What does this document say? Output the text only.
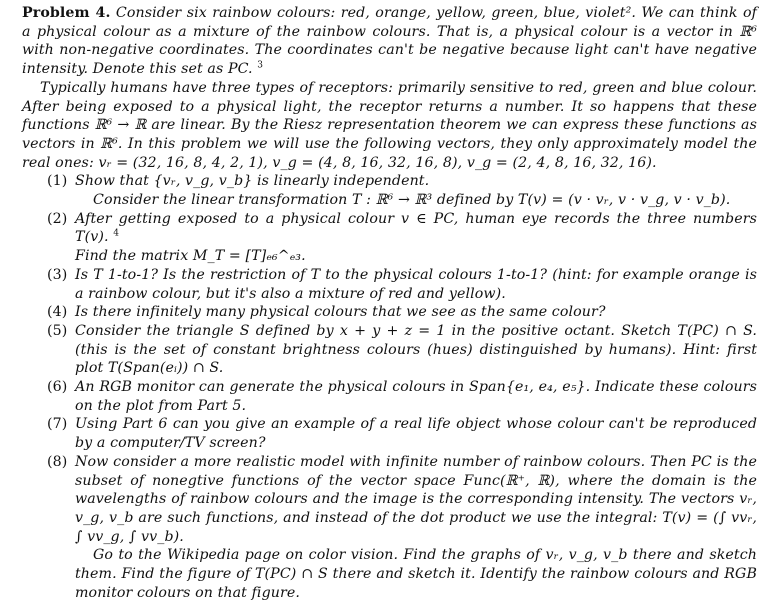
Problem 4. Consider six rainbow colours: red, orange, yellow, green, blue, violet². We can think of a physical colour as a mixture of the rainbow colours. That is, a physical colour is a vector in ℝ⁶ with non-negative coordinates. The coordinates can't be negative because light can't have negative intensity. Denote this set as PC. $^3$

Typically humans have three types of receptors: primarily sensitive to red, green and blue colour. After being exposed to a physical light, the receptor returns a number. It so happens that these functions ℝ⁶ → ℝ are linear. By the Riesz representation theorem we can express these functions as vectors in ℝ⁶. In this problem we will use the following vectors, they only approximately model the real ones: vᵣ = (32, 16, 8, 4, 2, 1), v_g = (4, 8, 16, 32, 16, 8), v_g = (2, 4, 8, 16, 32, 16).

(1) Show that {vᵣ, v_g, v_b} is linearly independent.
Consider the linear transformation T : ℝ⁶ → ℝ³ defined by T(v) = (v · vᵣ, v · v_g, v · v_b).
(2) After getting exposed to a physical colour v ∈ PC, human eye records the three numbers T(v). $^4$
Find the matrix M_T = [T]ₑ₆^ₑ₃.
(3) Is T 1-to-1? Is the restriction of T to the physical colours 1-to-1? (hint: for example orange is a rainbow colour, but it's also a mixture of red and yellow).
(4) Is there infinitely many physical colours that we see as the same colour?
(5) Consider the triangle S defined by x + y + z = 1 in the positive octant. Sketch T(PC) ∩ S. (this is the set of constant brightness colours (hues) distinguished by humans). Hint: first plot T(Span(eᵢ)) ∩ S.
(6) An RGB monitor can generate the physical colours in Span{e₁, e₄, e₅}. Indicate these colours on the plot from Part 5.
(7) Using Part 6 can you give an example of a real life object whose colour can't be reproduced by a computer/TV screen?
(8) Now consider a more realistic model with infinite number of rainbow colours. Then PC is the subset of nonegtive functions of the vector space Func(ℝ⁺, ℝ), where the domain is the wavelengths of rainbow colours and the image is the corresponding intensity. The vectors vᵣ, v_g, v_b are such functions, and instead of the dot product we use the integral: T(v) = (∫ vvᵣ, ∫ vv_g, ∫ vv_b).
Go to the Wikipedia page on color vision. Find the graphs of vᵣ, v_g, v_b there and sketch them. Find the figure of T(PC) ∩ S there and sketch it. Identify the rainbow colours and RGB monitor colours on that figure.
